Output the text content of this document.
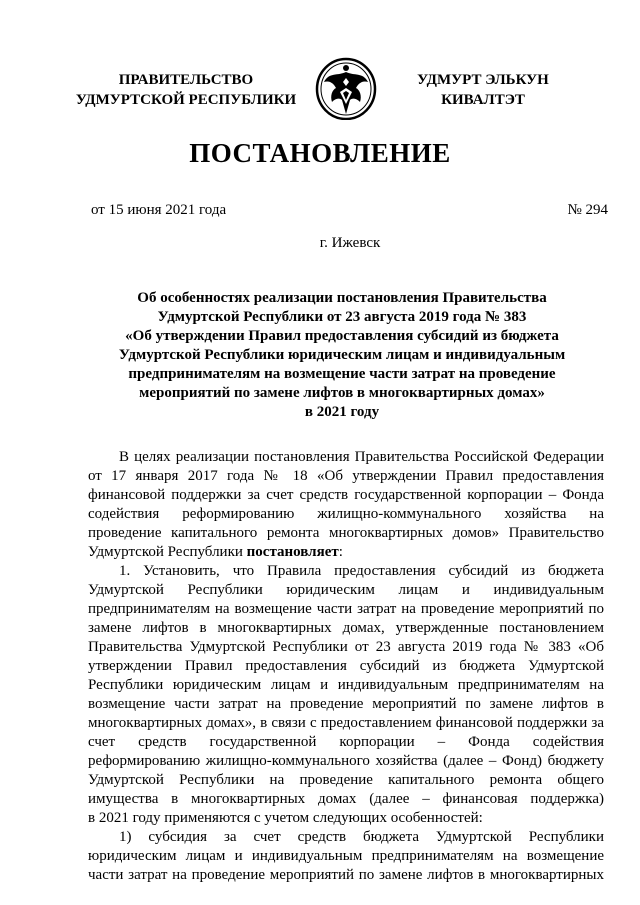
ПРАВИТЕЛЬСТВО
УДМУРТСКОЙ РЕСПУБЛИКИ
УДМУРТ ЭЛЬКУН
КИВАЛТЭТ
ПОСТАНОВЛЕНИЕ
от 15 июня 2021 года	№ 294
г. Ижевск
Об особенностях реализации постановления Правительства
Удмуртской Республики от 23 августа 2019 года № 383
«Об утверждении Правил предоставления субсидий из бюджета
Удмуртской Республики юридическим лицам и индивидуальным
предпринимателям на возмещение части затрат на проведение
мероприятий по замене лифтов в многоквартирных домах»
в 2021 году
В целях реализации постановления Правительства Российской Федерации
от 17 января 2017 года № 18 «Об утверждении Правил предоставления
финансовой поддержки за счет средств государственной корпорации – Фонда
содействия реформированию жилищно-коммунального хозяйства на
проведение капитального ремонта многоквартирных домов» Правительство
Удмуртской Республики постановляет:
1. Установить, что Правила предоставления субсидий из бюджета
Удмуртской Республики юридическим лицам и индивидуальным
предпринимателям на возмещение части затрат на проведение мероприятий по
замене лифтов в многоквартирных домах, утвержденные постановлением
Правительства Удмуртской Республики от 23 августа 2019 года № 383 «Об
утверждении Правил предоставления субсидий из бюджета Удмуртской
Республики юридическим лицам и индивидуальным предпринимателям на
возмещение части затрат на проведение мероприятий по замене лифтов в
многоквартирных домах», в связи с предоставлением финансовой поддержки за
счет средств государственной корпорации – Фонда содействия
реформированию жилищно-коммунального хозяйства (далее – Фонд) бюджету
Удмуртской Республики на проведение капитального ремонта общего
имущества в многоквартирных домах (далее – финансовая поддержка)
в 2021 году применяются с учетом следующих особенностей:
1) субсидия за счет средств бюджета Удмуртской Республики
юридическим лицам и индивидуальным предпринимателям на возмещение
части затрат на проведение мероприятий по замене лифтов в многоквартирных
